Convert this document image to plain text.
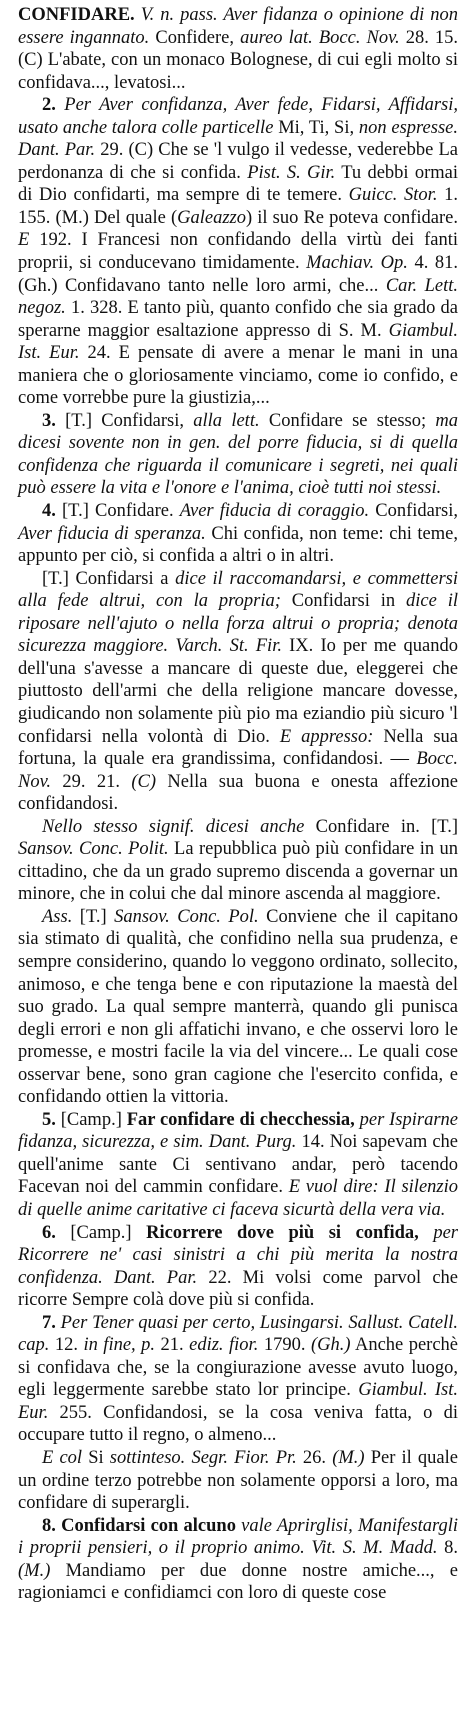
CONFIDARE. V. n. pass. Aver fidanza o opinione di non essere ingannato. Confidere, aureo lat. Bocc. Nov. 28. 15. (C) L'abate, con un monaco Bolognese, di cui egli molto si confidava..., levatosi...

2. Per Aver confidanza, Aver fede, Fidarsi, Affidarsi, usato anche talora colle particelle Mi, Ti, Si, non espresse. Dant. Par. 29. (C) Che se 'l vulgo il vedesse, vederebbe La perdonanza di che si confida. Pist. S. Gir. Tu debbi ormai di Dio confidarti, ma sempre di te temere. Guicc. Stor. 1. 155. (M.) Del quale (Galeazzo) il suo Re poteva confidare. E 192. I Francesi non confidando della virtù dei fanti proprii, si conducevano timidamente. Machiav. Op. 4. 81. (Gh.) Confidavano tanto nelle loro armi, che... Car. Lett. negoz. 1. 328. E tanto più, quanto confido che sia grado da sperarne maggior esaltazione appresso di S. M. Giambul. Ist. Eur. 24. E pensate di avere a menar le mani in una maniera che o gloriosamente vinciamo, come io confido, e come vorrebbe pure la giustizia,...

3. [T.] Confidarsi, alla lett. Confidare se stesso; ma dicesi sovente non in gen. del porre fiducia, si di quella confidenza che riguarda il comunicare i segreti, nei quali può essere la vita e l'onore e l'anima, cioè tutti noi stessi.

4. [T.] Confidare. Aver fiducia di coraggio. Confidarsi, Aver fiducia di speranza. Chi confida, non teme: chi teme, appunto per ciò, si confida a altri o in altri.

[T.] Confidarsi a dice il raccomandarsi, e commettersi alla fede altrui, con la propria; Confidarsi in dice il riposare nell'ajuto o nella forza altrui o propria; denota sicurezza maggiore. Varch. St. Fir. IX. Io per me quando dell'una s'avesse a mancare di queste due, eleggerei che piuttosto dell'armi che della religione mancare dovesse, giudicando non solamente più pio ma eziandio più sicuro 'l confidarsi nella volontà di Dio. E appresso: Nella sua fortuna, la quale era grandissima, confidandosi. — Bocc. Nov. 29. 21. (C) Nella sua buona e onesta affezione confidandosi.

Nello stesso signif. dicesi anche Confidare in. [T.] Sansov. Conc. Polit. La repubblica può più confidare in un cittadino, che da un grado supremo discenda a governar un minore, che in colui che dal minore ascenda al maggiore.

Ass. [T.] Sansov. Conc. Pol. Conviene che il capitano sia stimato di qualità, che confidino nella sua prudenza, e sempre considerino, quando lo veggono ordinato, sollecito, animoso, e che tenga bene e con riputazione la maestà del suo grado. La qual sempre manterrà, quando gli punisca degli errori e non gli affatichi invano, e che osservi loro le promesse, e mostri facile la via del vincere... Le quali cose osservar bene, sono gran cagione che l'esercito confida, e confidando ottien la vittoria.

5. [Camp.] Far confidare di checchessia, per Ispirarne fidanza, sicurezza, e sim. Dant. Purg. 14. Noi sapevam che quell'anime sante Ci sentivano andar, però tacendo Facevan noi del cammin confidare. E vuol dire: Il silenzio di quelle anime caritative ci faceva sicurtà della vera via.

6. [Camp.] Ricorrere dove più si confida, per Ricorrere ne' casi sinistri a chi più merita la nostra confidenza. Dant. Par. 22. Mi volsi come parvol che ricorre Sempre colà dove più si confida.

7. Per Tener quasi per certo, Lusingarsi. Sallust. Catell. cap. 12. in fine, p. 21. ediz. fior. 1790. (Gh.) Anche perchè si confidava che, se la congiurazione avesse avuto luogo, egli leggermente sarebbe stato lor principe. Giambul. Ist. Eur. 255. Confidandosi, se la cosa veniva fatta, o di occupare tutto il regno, o almeno...

E col Si sottinteso. Segr. Fior. Pr. 26. (M.) Per il quale un ordine terzo potrebbe non solamente opporsi a loro, ma confidare di superargli.

8. Confidarsi con alcuno vale Aprirglisi, Manifestargli i proprii pensieri, o il proprio animo. Vit. S. M. Madd. 8. (M.) Mandiamo per due donne nostre amiche..., e ragioniamci e confidiamci con loro di queste cose
